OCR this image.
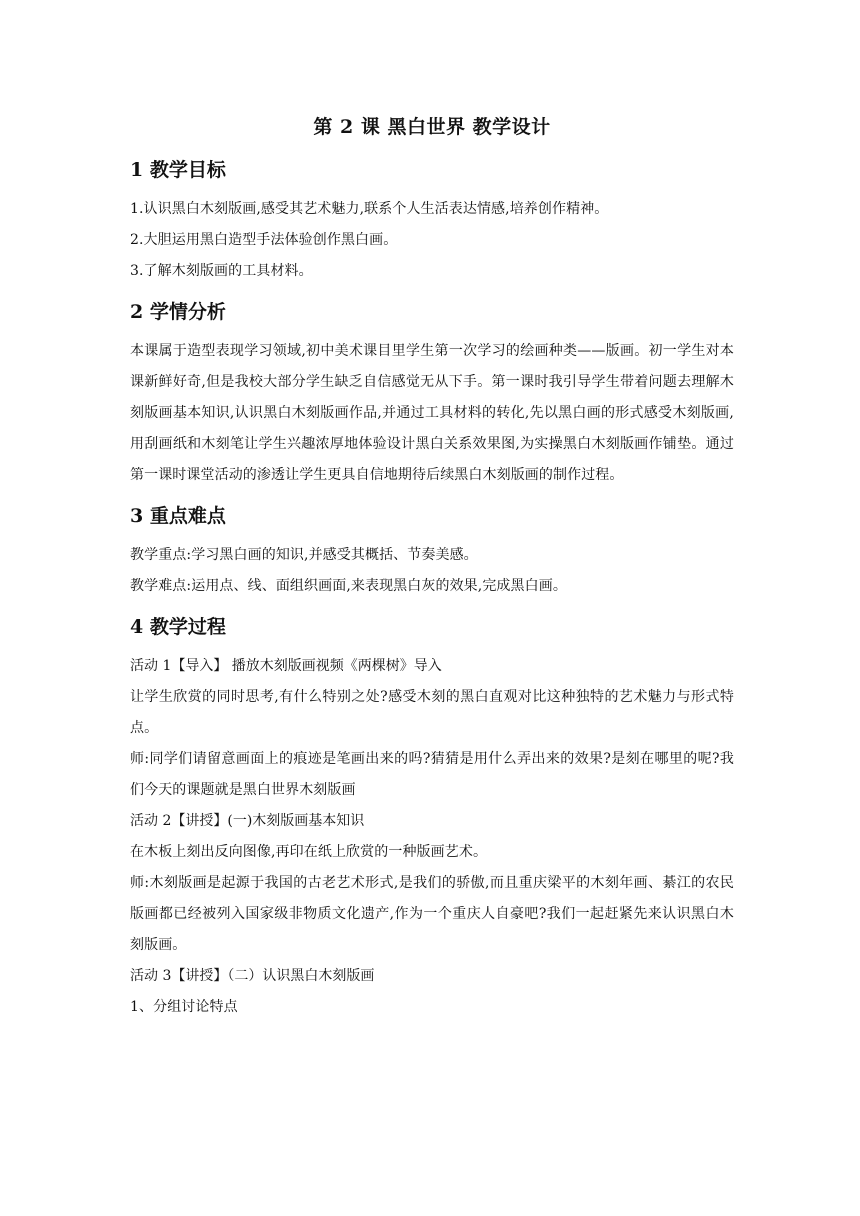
第 2 课 黑白世界 教学设计
1 教学目标

1.认识黑白木刻版画,感受其艺术魅力,联系个人生活表达情感,培养创作精神。

2.大胆运用黑白造型手法体验创作黑白画。

3.了解木刻版画的工具材料。

2 学情分析

本课属于造型表现学习领域,初中美术课目里学生第一次学习的绘画种类——版画。初一学生对本课新鲜好奇,但是我校大部分学生缺乏自信感觉无从下手。第一课时我引导学生带着问题去理解木刻版画基本知识,认识黑白木刻版画作品,并通过工具材料的转化,先以黑白画的形式感受木刻版画,用刮画纸和木刻笔让学生兴趣浓厚地体验设计黑白关系效果图,为实操黑白木刻版画作铺垫。通过第一课时课堂活动的渗透让学生更具自信地期待后续黑白木刻版画的制作过程。

3 重点难点

教学重点:学习黑白画的知识,并感受其概括、节奏美感。

教学难点:运用点、线、面组织画面,来表现黑白灰的效果,完成黑白画。

4 教学过程

活动 1【导入】 播放木刻版画视频《两棵树》导入

让学生欣赏的同时思考,有什么特别之处?感受木刻的黑白直观对比这种独特的艺术魅力与形式特点。

师:同学们请留意画面上的痕迹是笔画出来的吗?猜猜是用什么弄出来的效果?是刻在哪里的呢?我们今天的课题就是黑白世界木刻版画

活动 2【讲授】(一)木刻版画基本知识

在木板上刻出反向图像,再印在纸上欣赏的一种版画艺术。

师:木刻版画是起源于我国的古老艺术形式,是我们的骄傲,而且重庆梁平的木刻年画、綦江的农民版画都已经被列入国家级非物质文化遗产,作为一个重庆人自豪吧?我们一起赶紧先来认识黑白木刻版画。

活动 3【讲授】（二）认识黑白木刻版画

1、分组讨论特点
